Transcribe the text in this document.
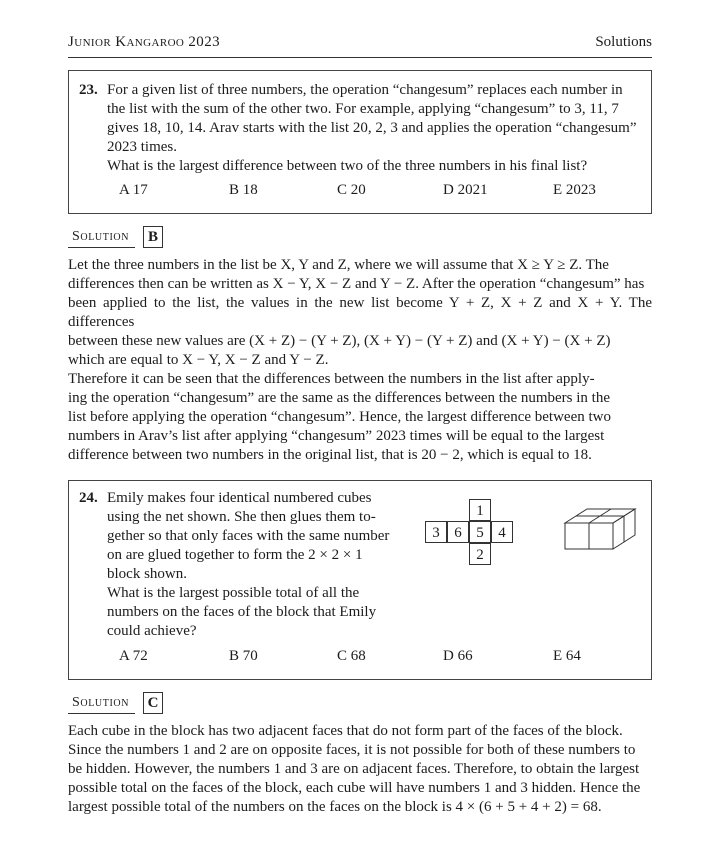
Junior Kangaroo 2023	Solutions
23. For a given list of three numbers, the operation “changesum” replaces each number in
the list with the sum of the other two. For example, applying “changesum” to 3, 11, 7
gives 18, 10, 14. Arav starts with the list 20, 2, 3 and applies the operation “changesum”
2023 times.
What is the largest difference between two of the three numbers in his final list?
A 17	B 18	C 20	D 2021	E 2023
Solution	B
Let the three numbers in the list be X, Y and Z, where we will assume that X ≥ Y ≥ Z. The
differences then can be written as X − Y, X − Z and Y − Z. After the operation “changesum” has
been applied to the list, the values in the new list become Y + Z, X + Z and X + Y. The differences
between these new values are (X + Z) − (Y + Z), (X + Y) − (Y + Z) and (X + Y) − (X + Z)
which are equal to X − Y, X − Z and Y − Z.
Therefore it can be seen that the differences between the numbers in the list after apply-
ing the operation “changesum” are the same as the differences between the numbers in the
list before applying the operation “changesum”. Hence, the largest difference between two
numbers in Arav’s list after applying “changesum” 2023 times will be equal to the largest
difference between two numbers in the original list, that is 20 − 2, which is equal to 18.
24. Emily makes four identical numbered cubes
using the net shown. She then glues them to-
gether so that only faces with the same number
on are glued together to form the 2 × 2 × 1
block shown.
What is the largest possible total of all the
numbers on the faces of the block that Emily
could achieve?
1
3 6 5 4
2
A 72	B 70	C 68	D 66	E 64
Solution	C
Each cube in the block has two adjacent faces that do not form part of the faces of the block.
Since the numbers 1 and 2 are on opposite faces, it is not possible for both of these numbers to
be hidden. However, the numbers 1 and 3 are on adjacent faces. Therefore, to obtain the largest
possible total on the faces of the block, each cube will have numbers 1 and 3 hidden. Hence the
largest possible total of the numbers on the faces on the block is 4 × (6 + 5 + 4 + 2) = 68.
